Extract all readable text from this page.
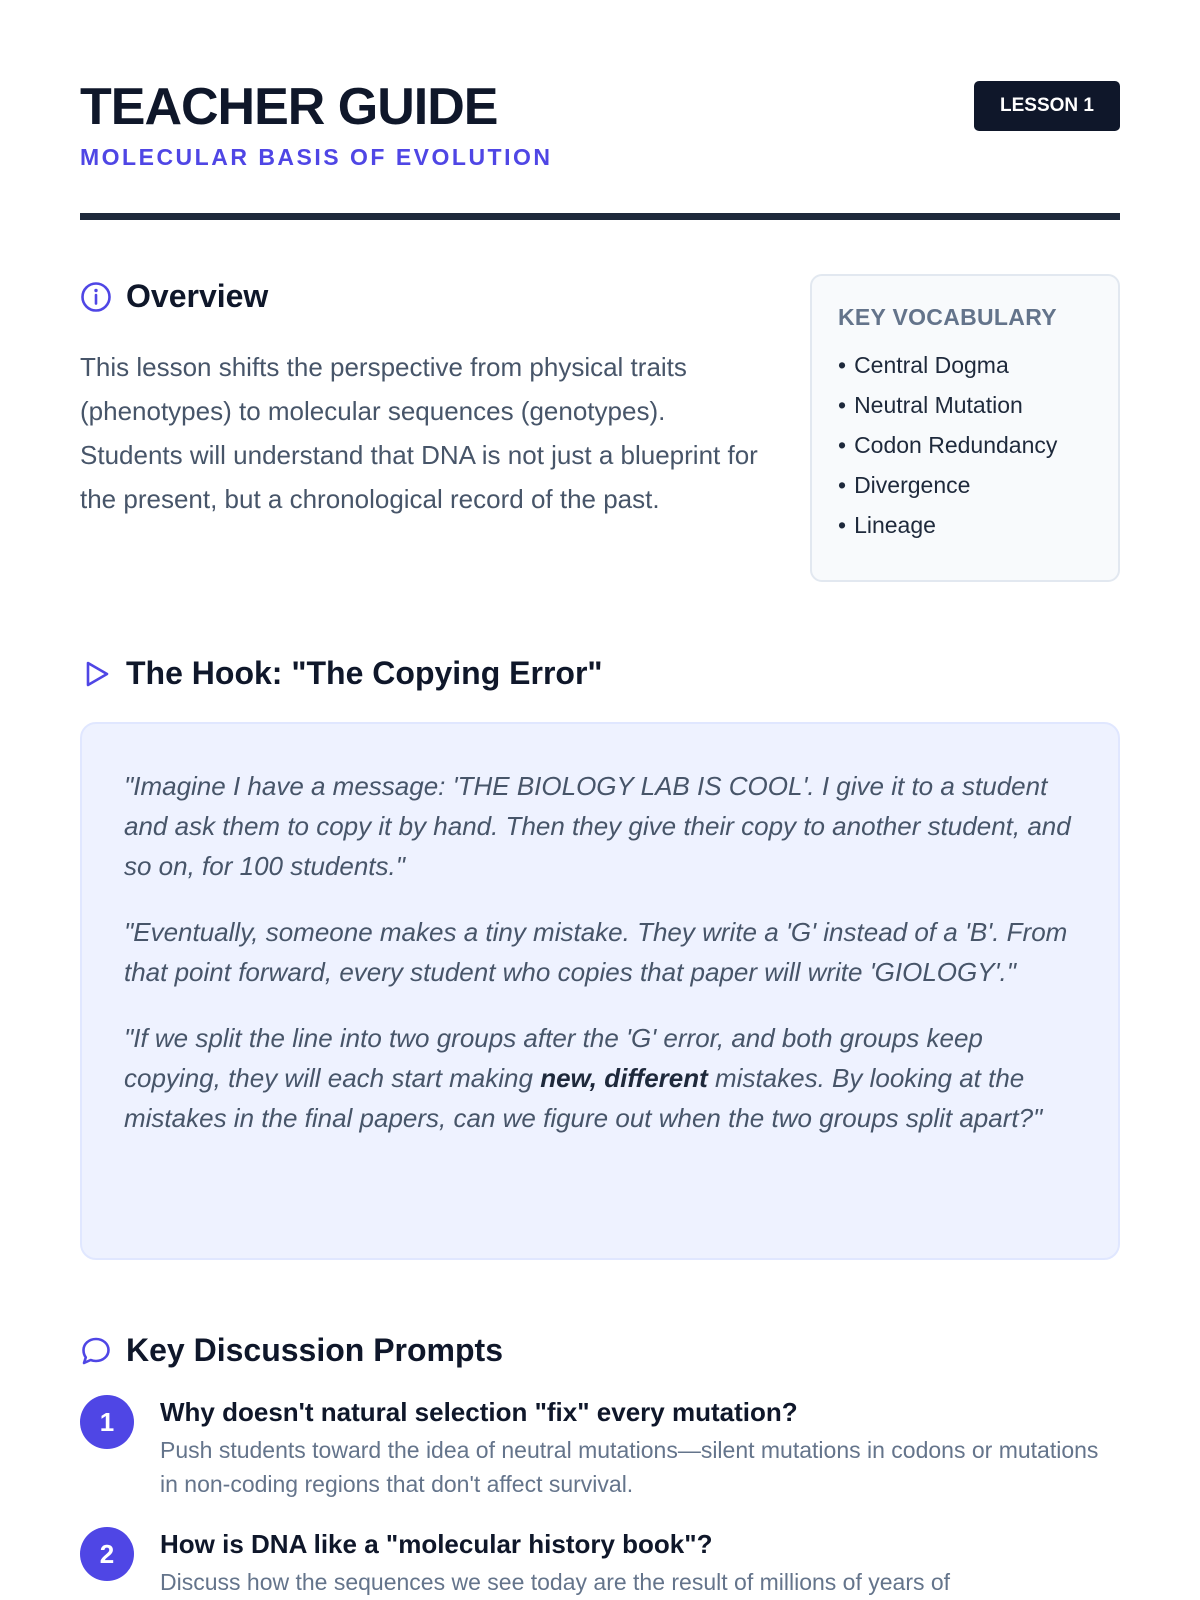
TEACHER GUIDE
MOLECULAR BASIS OF EVOLUTION
LESSON 1
Overview

This lesson shifts the perspective from physical traits (phenotypes) to molecular sequences (genotypes). Students will understand that DNA is not just a blueprint for the present, but a chronological record of the past.

KEY VOCABULARY
• Central Dogma
• Neutral Mutation
• Codon Redundancy
• Divergence
• Lineage
The Hook: "The Copying Error"

"Imagine I have a message: 'THE BIOLOGY LAB IS COOL'. I give it to a student and ask them to copy it by hand. Then they give their copy to another student, and so on, for 100 students."

"Eventually, someone makes a tiny mistake. They write a 'G' instead of a 'B'. From that point forward, every student who copies that paper will write 'GIOLOGY'."

"If we split the line into two groups after the 'G' error, and both groups keep copying, they will each start making new, different mistakes. By looking at the mistakes in the final papers, can we figure out when the two groups split apart?"

Key Discussion Prompts
1	Why doesn't natural selection "fix" every mutation?

Push students toward the idea of neutral mutations—silent mutations in codons or mutations in non-coding regions that don't affect survival.

2	How is DNA like a "molecular history book"?

Discuss how the sequences we see today are the result of millions of years of
